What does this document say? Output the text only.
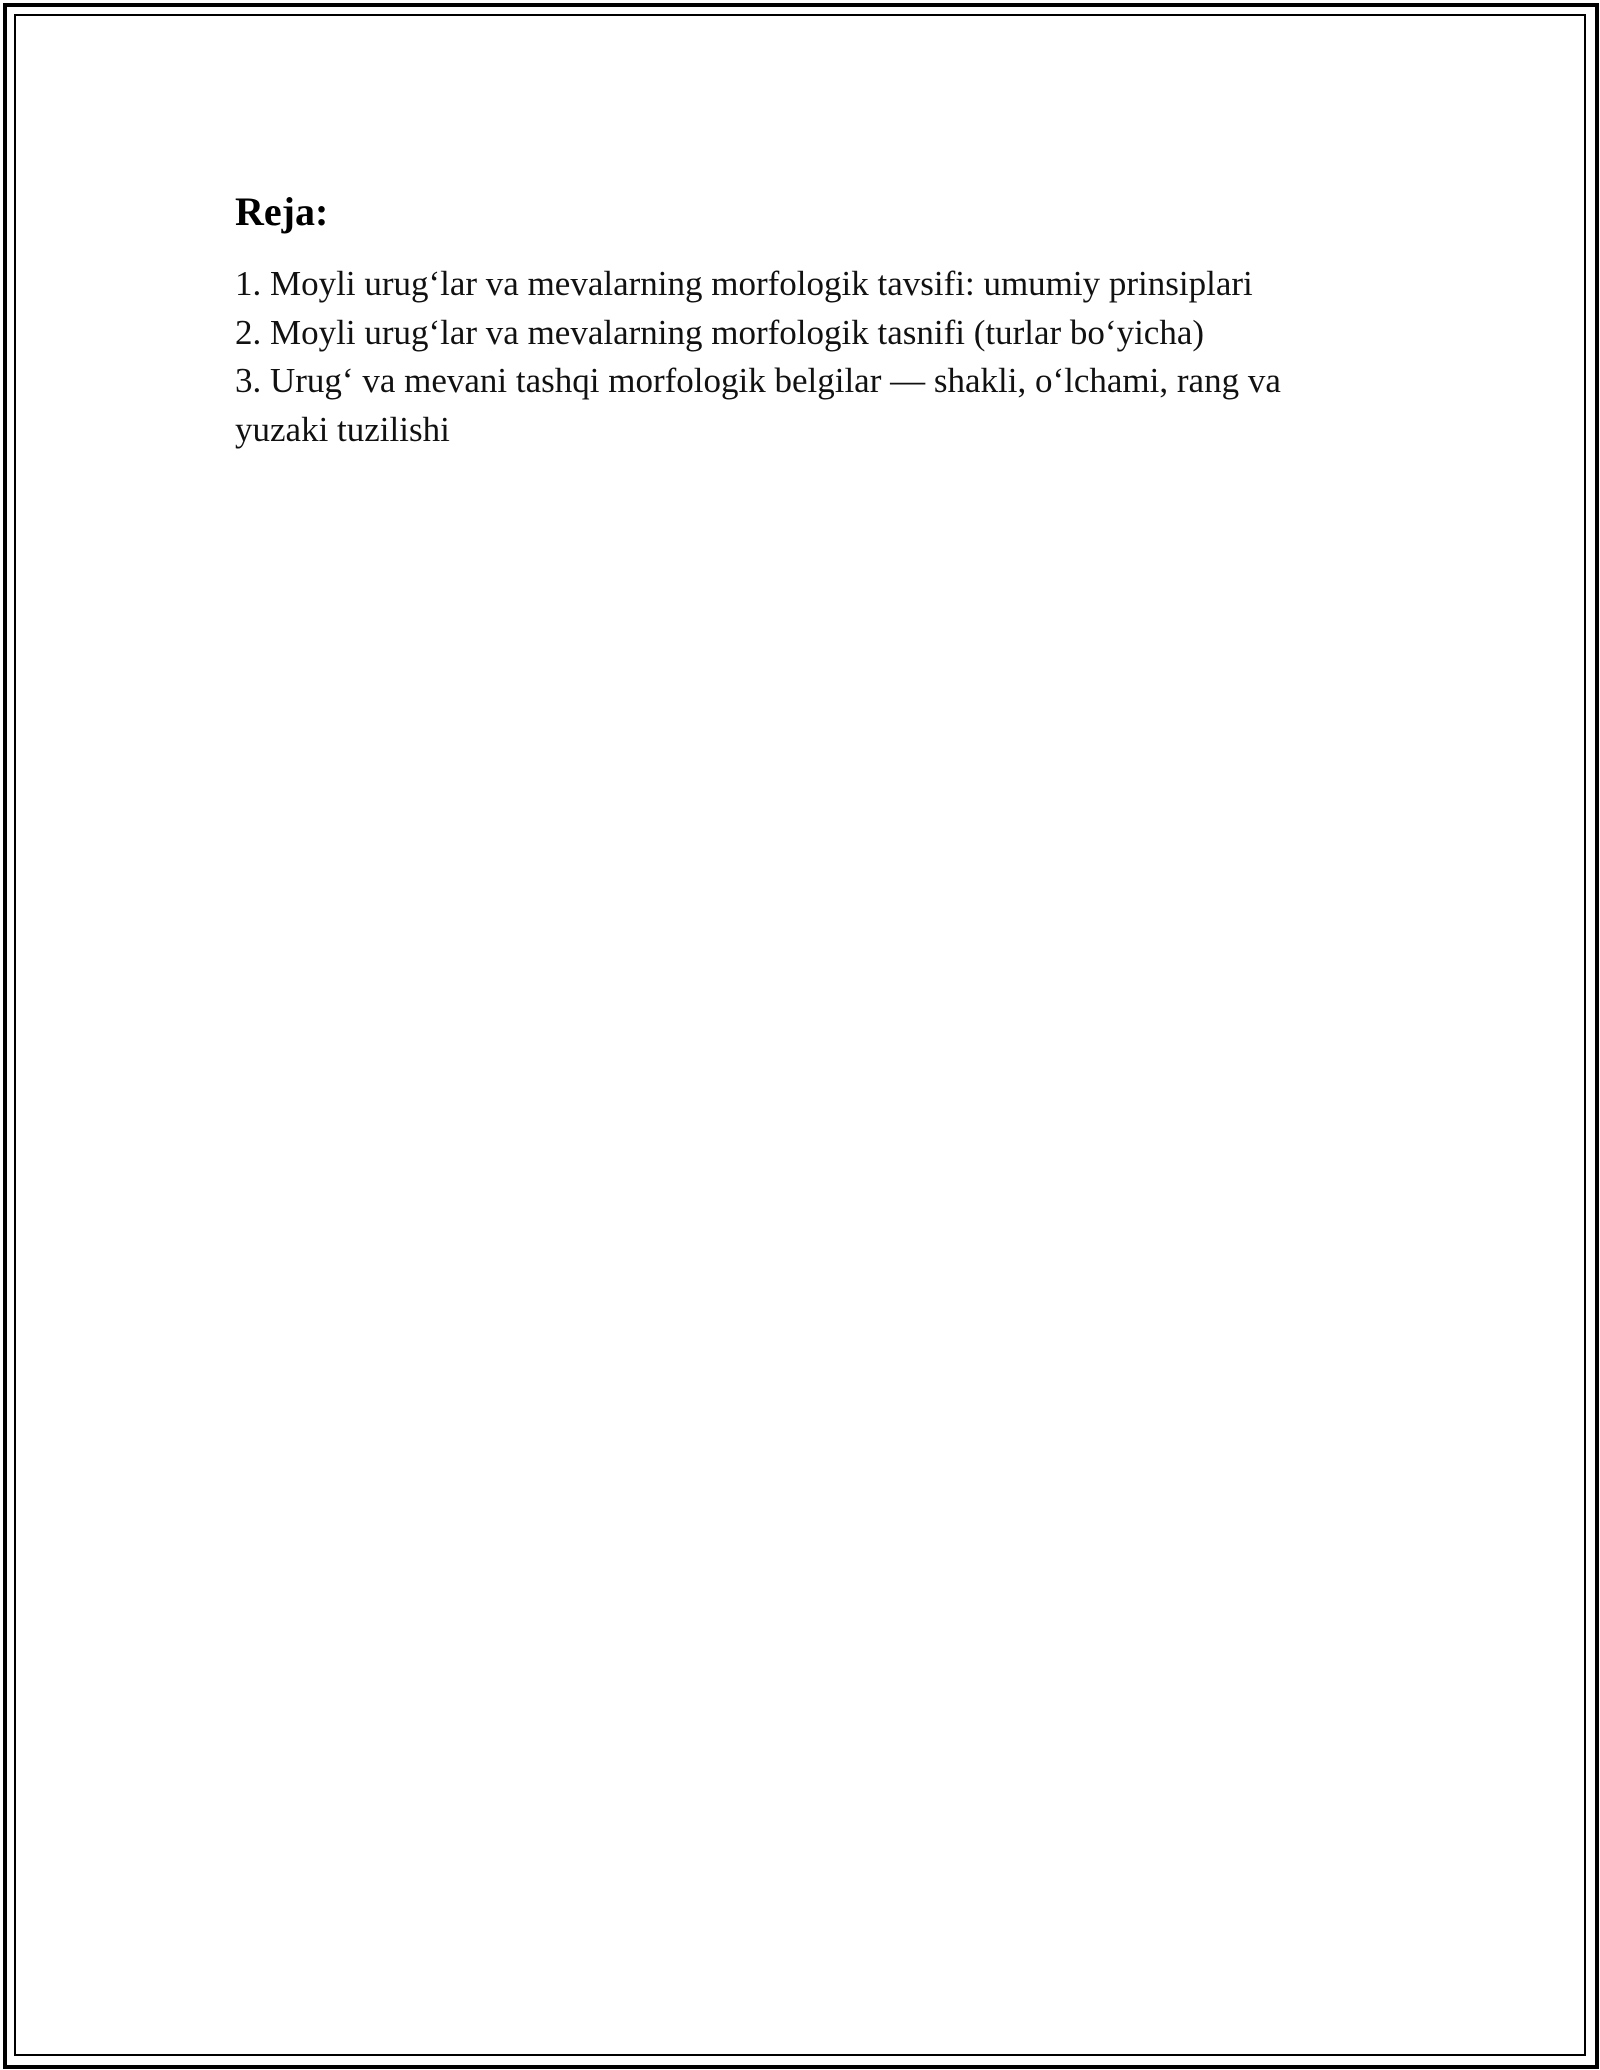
Reja:
1. Moyli urug‘lar va mevalarning morfologik tavsifi: umumiy prinsiplari
2. Moyli urug‘lar va mevalarning morfologik tasnifi (turlar bo‘yicha)
3. Urug‘ va mevani tashqi morfologik belgilar — shakli, o‘lchami, rang va yuzaki tuzilishi
